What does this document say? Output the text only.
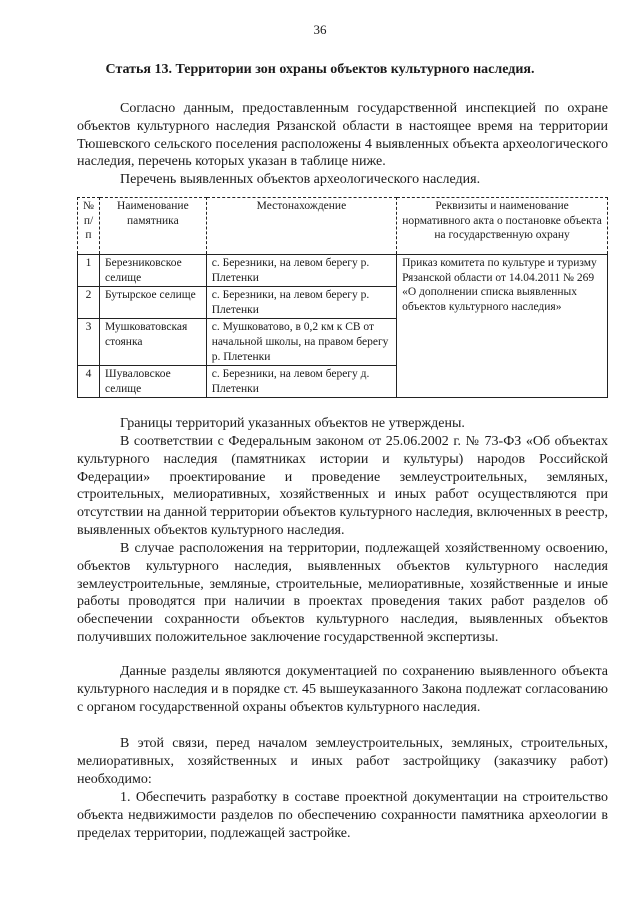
36
Статья 13. Территории зон охраны объектов культурного наследия.

Согласно данным, предоставленным государственной инспекцией по охране объектов культурного наследия Рязанской области в настоящее время на территории Тюшевского сельского поселения расположены 4 выявленных объекта археологического наследия, перечень которых указан в таблице ниже.

Перечень выявленных объектов археологического наследия.

№ п/п	Наименование памятника	Местонахождение	Реквизиты и наименование нормативного акта о постановке объекта на государственную охрану
1	Березниковское селище	с. Березники, на левом берегу р. Плетенки	Приказ комитета по культуре и туризму Рязанской области от 14.04.2011 № 269 «О дополнении списка выявленных объектов культурного наследия»
2	Бутырское селище	с. Березники, на левом берегу р. Плетенки	
3	Мушковатовская стоянка	с. Мушковатово, в 0,2 км к СВ от начальной школы, на правом берегу р. Плетенки	
4	Шуваловское селище	с. Березники, на левом берегу д. Плетенки	

Границы территорий указанных объектов не утверждены.

В соответствии с Федеральным законом от 25.06.2002 г. № 73-ФЗ «Об объектах культурного наследия (памятниках истории и культуры) народов Российской Федерации» проектирование и проведение землеустроительных, земляных, строительных, мелиоративных, хозяйственных и иных работ осуществляются при отсутствии на данной территории объектов культурного наследия, включенных в реестр, выявленных объектов культурного наследия.

В случае расположения на территории, подлежащей хозяйственному освоению, объектов культурного наследия, выявленных объектов культурного наследия землеустроительные, земляные, строительные, мелиоративные, хозяйственные и иные работы проводятся при наличии в проектах проведения таких работ разделов об обеспечении сохранности объектов культурного наследия, выявленных объектов получивших положительное заключение государственной экспертизы.

Данные разделы являются документацией по сохранению выявленного объекта культурного наследия и в порядке ст. 45 вышеуказанного Закона подлежат согласованию с органом государственной охраны объектов культурного наследия.

В этой связи, перед началом землеустроительных, земляных, строительных, мелиоративных, хозяйственных и иных работ застройщику (заказчику работ) необходимо:

1. Обеспечить разработку в составе проектной документации на строительство объекта недвижимости разделов по обеспечению сохранности памятника археологии в пределах территории, подлежащей застройке.
